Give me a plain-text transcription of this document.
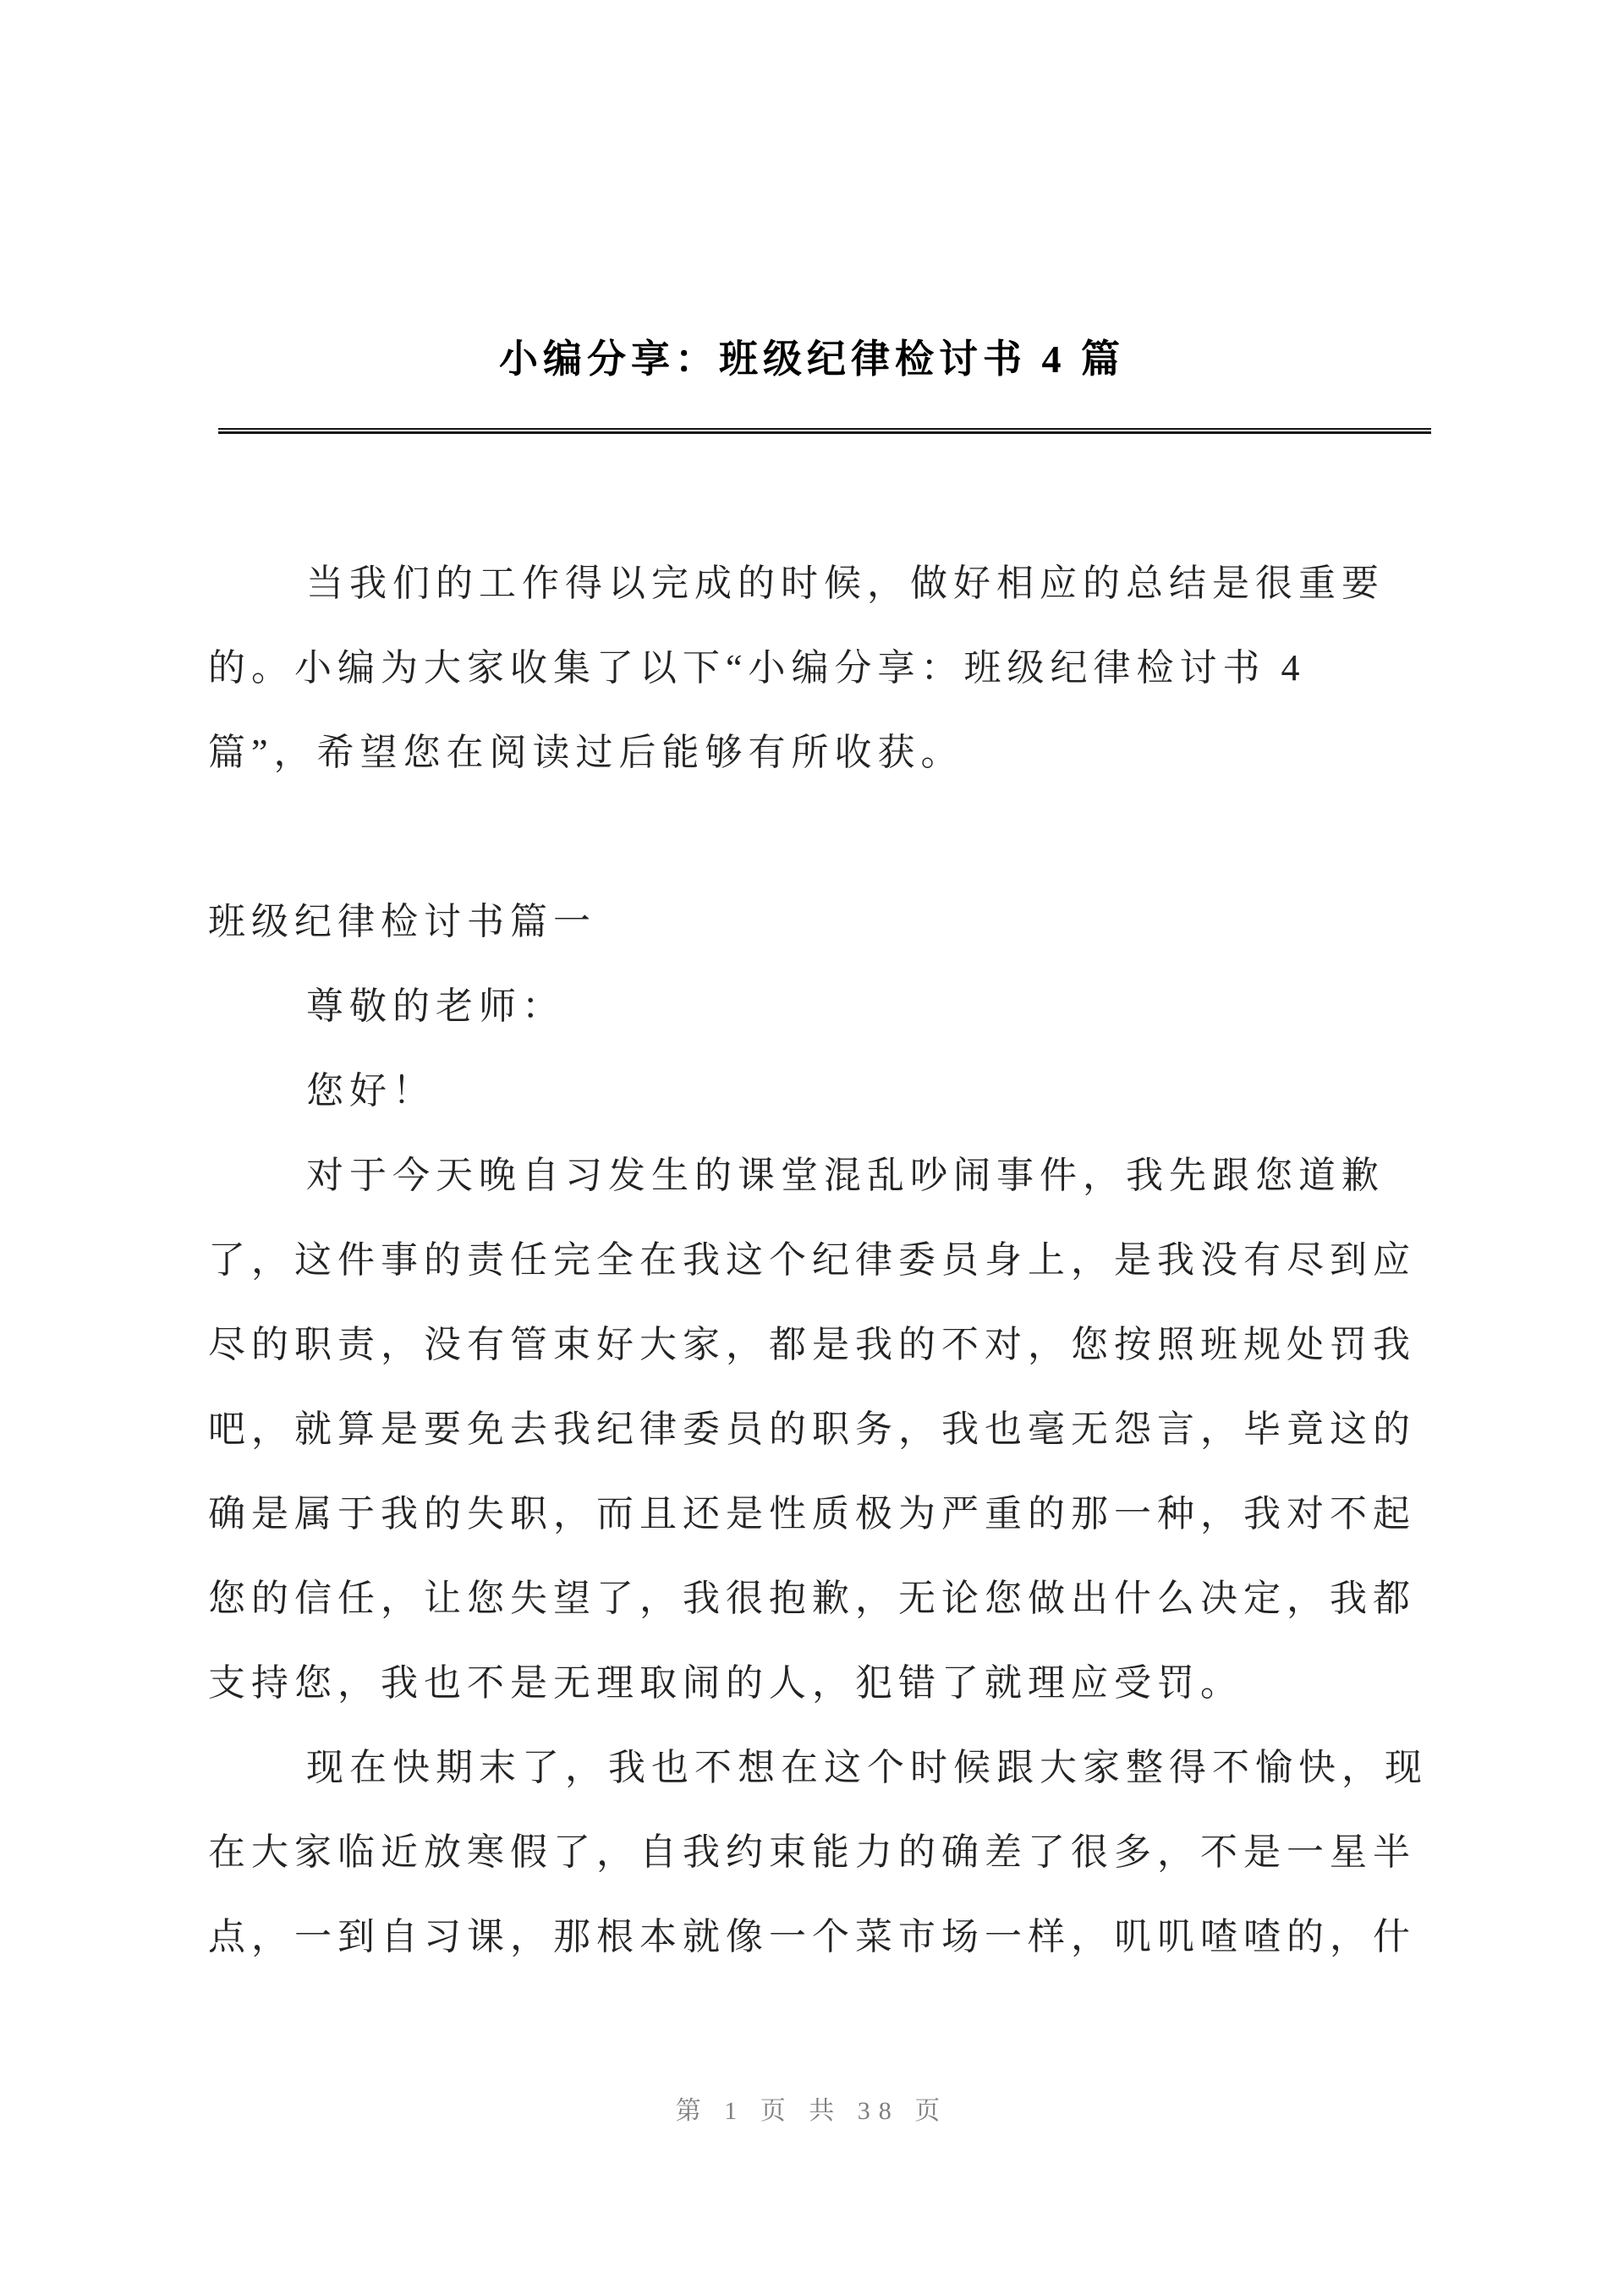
小编分享：班级纪律检讨书 4 篇
当我们的工作得以完成的时候，做好相应的总结是很重要
的。小编为大家收集了以下“小编分享：班级纪律检讨书 4
篇”，希望您在阅读过后能够有所收获。
班级纪律检讨书篇一
尊敬的老师：
您好！
对于今天晚自习发生的课堂混乱吵闹事件，我先跟您道歉
了，这件事的责任完全在我这个纪律委员身上，是我没有尽到应
尽的职责，没有管束好大家，都是我的不对，您按照班规处罚我
吧，就算是要免去我纪律委员的职务，我也毫无怨言，毕竟这的
确是属于我的失职，而且还是性质极为严重的那一种，我对不起
您的信任，让您失望了，我很抱歉，无论您做出什么决定，我都
支持您，我也不是无理取闹的人，犯错了就理应受罚。
现在快期末了，我也不想在这个时候跟大家整得不愉快，现
在大家临近放寒假了，自我约束能力的确差了很多，不是一星半
点，一到自习课，那根本就像一个菜市场一样，叽叽喳喳的，什
第 1 页 共 38 页
